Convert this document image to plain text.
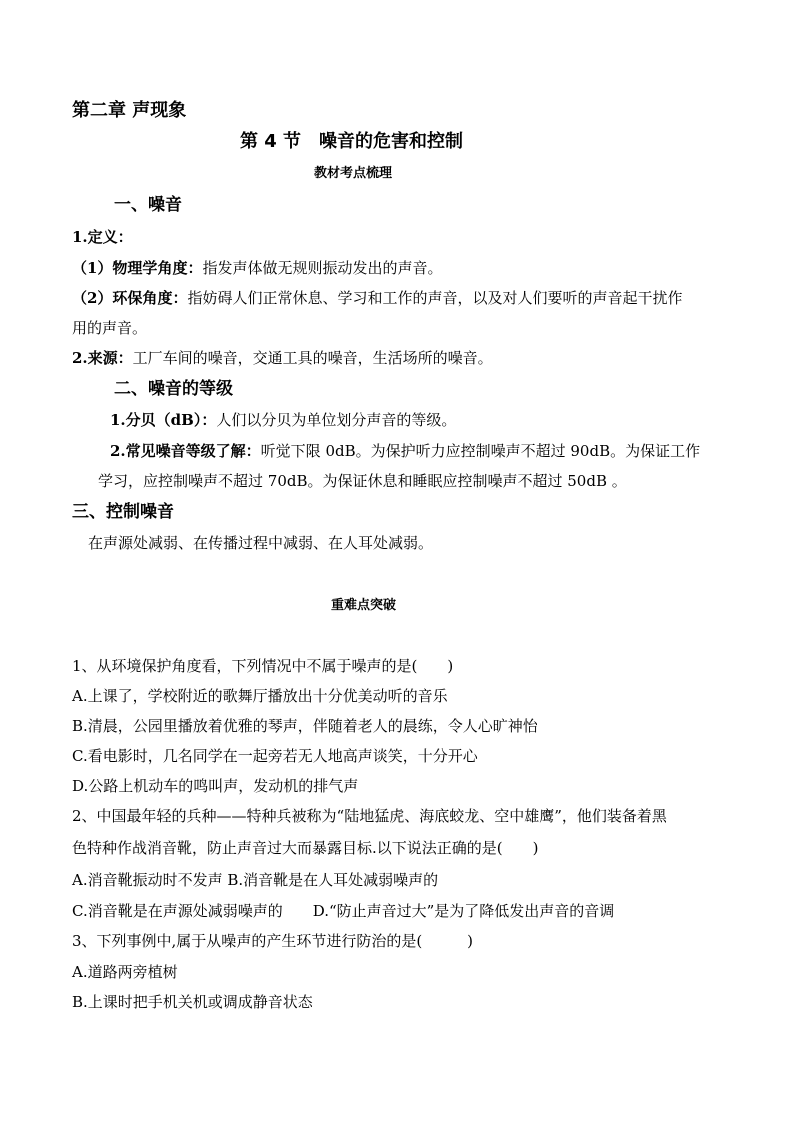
第二章 声现象
第 4 节　噪音的危害和控制
教材考点梳理
一、噪音
1.定义：
（1）物理学角度：指发声体做无规则振动发出的声音。
（2）环保角度：指妨碍人们正常休息、学习和工作的声音，以及对人们要听的声音起干扰作
用的声音。
2.来源：工厂车间的噪音，交通工具的噪音，生活场所的噪音。
二、噪音的等级
1.分贝（dB）：人们以分贝为单位划分声音的等级。
2.常见噪音等级了解：听觉下限 0dB。为保护听力应控制噪声不超过 90dB。为保证工作
学习，应控制噪声不超过 70dB。为保证休息和睡眠应控制噪声不超过 50dB 。
三、控制噪音
在声源处减弱、在传播过程中减弱、在人耳处减弱。
重难点突破
1、从环境保护角度看，下列情况中不属于噪声的是(　　)
A.上课了，学校附近的歌舞厅播放出十分优美动听的音乐
B.清晨，公园里播放着优雅的琴声，伴随着老人的晨练，令人心旷神怡
C.看电影时，几名同学在一起旁若无人地高声谈笑，十分开心
D.公路上机动车的鸣叫声，发动机的排气声
2、中国最年轻的兵种——特种兵被称为“陆地猛虎、海底蛟龙、空中雄鹰”，他们装备着黑
色特种作战消音靴，防止声音过大而暴露目标.以下说法正确的是(　　)
A.消音靴振动时不发声 B.消音靴是在人耳处减弱噪声的
C.消音靴是在声源处减弱噪声的　　D.“防止声音过大”是为了降低发出声音的音调
3、下列事例中,属于从噪声的产生环节进行防治的是(　　　)
A.道路两旁植树
B.上课时把手机关机或调成静音状态
